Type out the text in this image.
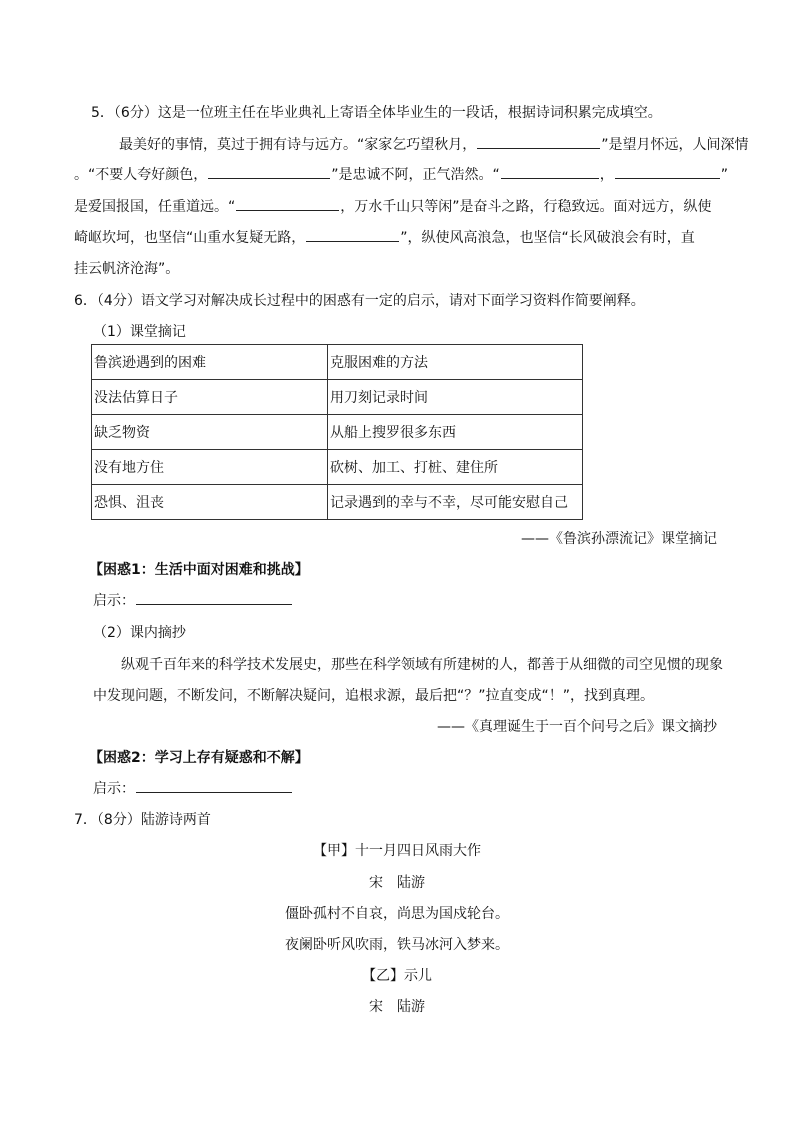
5．（6分）这是一位班主任在毕业典礼上寄语全体毕业生的一段话，根据诗词积累完成填空。
最美好的事情，莫过于拥有诗与远方。“家家乞巧望秋月，	”是望月怀远，人间深情
。“不要人夸好颜色，	”是忠诚不阿，正气浩然。“	，	”
是爱国报国，任重道远。“	，万水千山只等闲”是奋斗之路，行稳致远。面对远方，纵使
崎岖坎坷，也坚信“山重水复疑无路，	”，纵使风高浪急，也坚信“长风破浪会有时，直
挂云帆济沧海”。
6．（4分）语文学习对解决成长过程中的困惑有一定的启示，请对下面学习资料作简要阐释。
（1）课堂摘记
鲁滨逊遇到的困难	克服困难的方法
没法估算日子	用刀刻记录时间
缺乏物资	从船上搜罗很多东西
没有地方住	砍树、加工、打桩、建住所
恐惧、沮丧	记录遇到的幸与不幸，尽可能安慰自己
——《鲁滨孙漂流记》课堂摘记
【困惑1：生活中面对困难和挑战】
启示：
（2）课内摘抄
纵观千百年来的科学技术发展史，那些在科学领域有所建树的人，都善于从细微的司空见惯的现象
中发现问题，不断发问，不断解决疑问，追根求源，最后把“？”拉直变成“！”，找到真理。
——《真理诞生于一百个问号之后》课文摘抄
【困惑2：学习上存有疑惑和不解】
启示：
7．（8分）陆游诗两首
【甲】十一月四日风雨大作
宋　陆游
僵卧孤村不自哀，尚思为国戍轮台。
夜阑卧听风吹雨，铁马冰河入梦来。
【乙】示儿
宋　陆游
